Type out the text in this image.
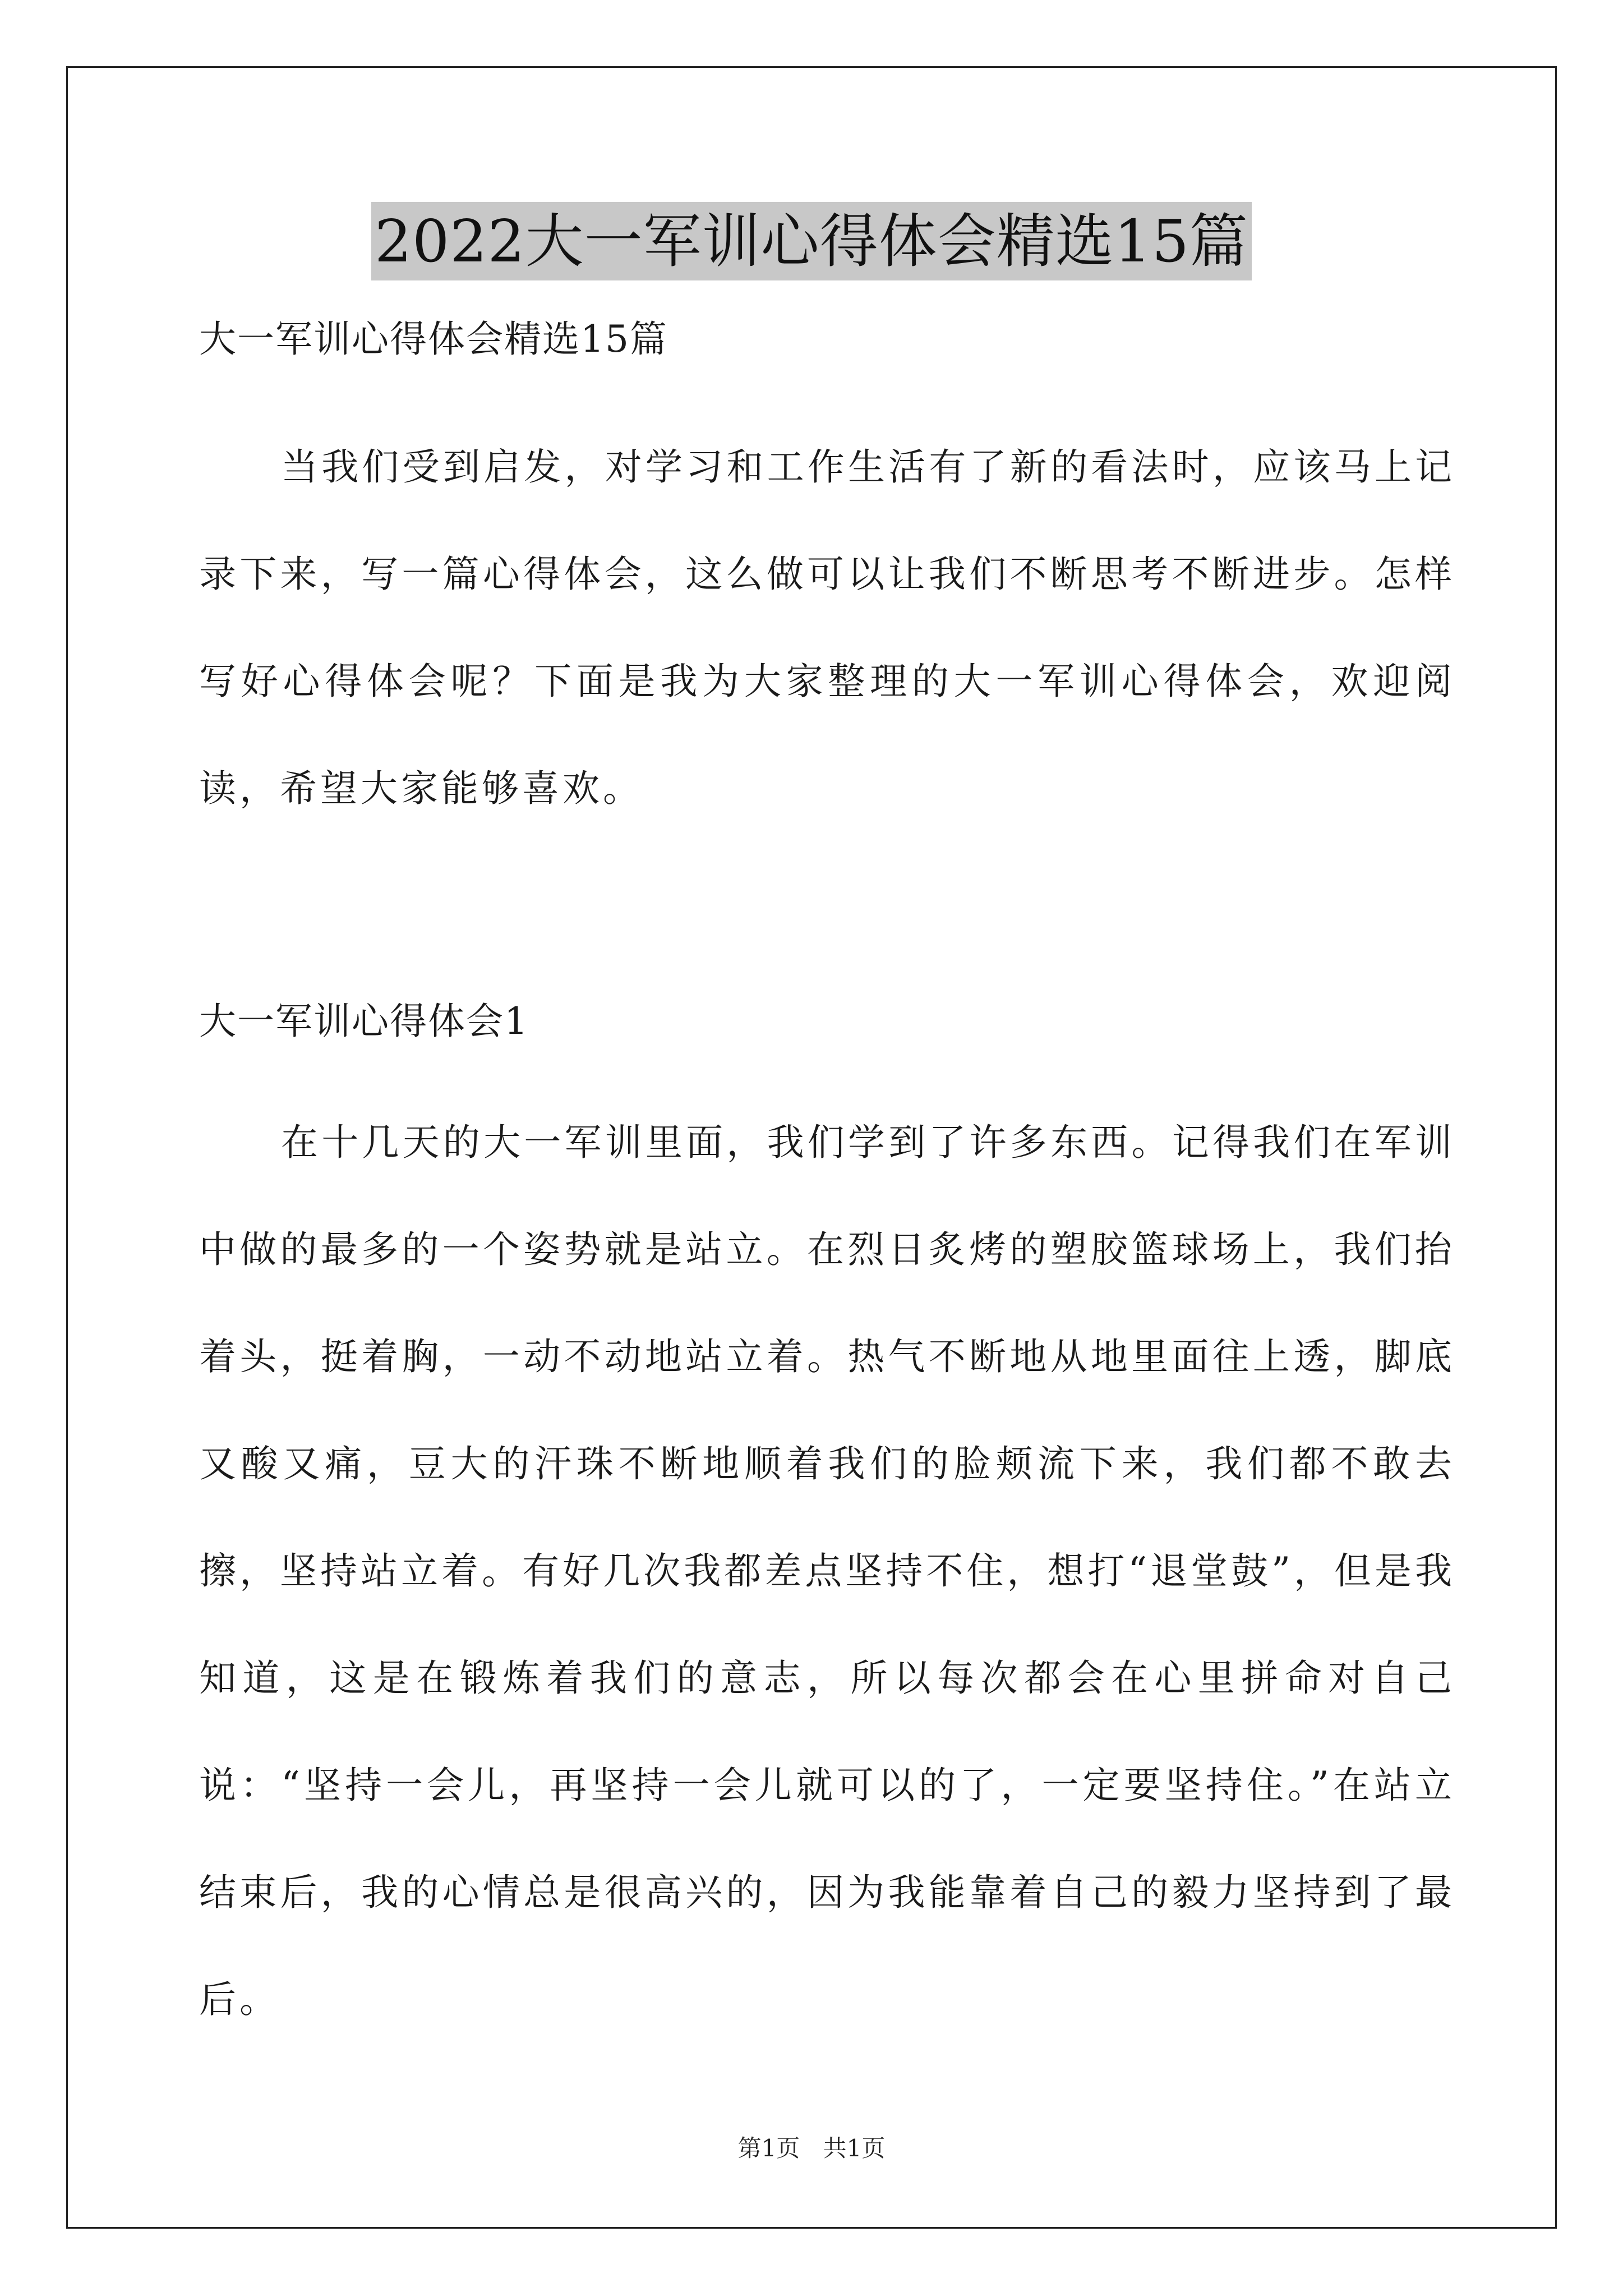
2022大一军训心得体会精选15篇

大一军训心得体会精选15篇

当我们受到启发，对学习和工作生活有了新的看法时，应该马上记录下来，写一篇心得体会，这么做可以让我们不断思考不断进步。怎样写好心得体会呢？下面是我为大家整理的大一军训心得体会，欢迎阅读，希望大家能够喜欢。

大一军训心得体会1

在十几天的大一军训里面，我们学到了许多东西。记得我们在军训中做的最多的一个姿势就是站立。在烈日炙烤的塑胶篮球场上，我们抬着头，挺着胸，一动不动地站立着。热气不断地从地里面往上透，脚底又酸又痛，豆大的汗珠不断地顺着我们的脸颊流下来，我们都不敢去擦，坚持站立着。有好几次我都差点坚持不住，想打“退堂鼓”，但是我知道，这是在锻炼着我们的意志，所以每次都会在心里拼命对自己说：“坚持一会儿，再坚持一会儿就可以的了，一定要坚持住。”在站立结束后，我的心情总是很高兴的，因为我能靠着自己的毅力坚持到了最后。

第1页 共1页
